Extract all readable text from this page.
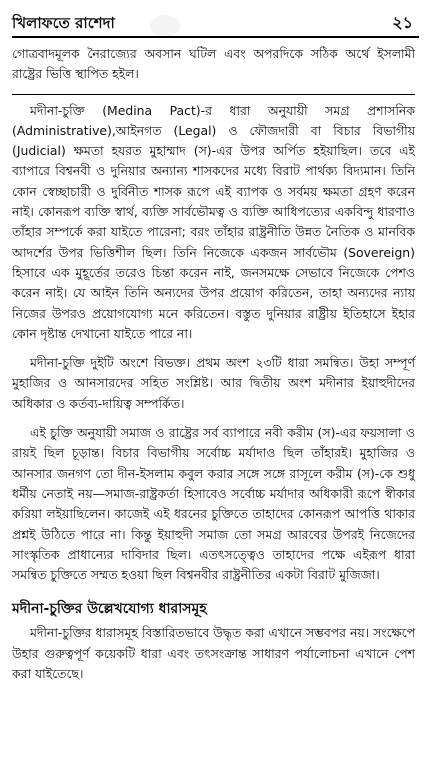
খিলাফতে রাশেদা	২১

গোত্রবাদমূলক নৈরাজ্যের অবসান ঘটিল এবং অপরদিকে সঠিক অর্থে ইসলামী রাষ্ট্রের ভিত্তি স্থাপিত হইল।

মদীনা-চুক্তি (Medina Pact)-র ধারা অনুযায়ী সমগ্র প্রশাসনিক (Administrative),আইনগত (Legal) ও ফৌজদারী বা বিচার বিভাগীয় (Judicial) ক্ষমতা হযরত মুহাম্মাদ (স)-এর উপর অর্পিত হইয়াছিল। তবে এই ব্যাপারে বিশ্বনবী ও দুনিয়ার অন্যান্য শাসকদের মধ্যে বিরাট পার্থক্য বিদ্যমান। তিনি কোন স্বেচ্ছাচারী ও দুর্বিনীত শাসক রূপে এই ব্যাপক ও সর্বময় ক্ষমতা গ্রহণ করেন নাই। কোনরূপ ব্যক্তি স্বার্থ, ব্যক্তি সার্বভৌমত্ব ও ব্যক্তি আধিপত্যের একবিন্দু ধারণাও তাঁহার সম্পর্কে করা যাইতে পারেনা; বরং তাঁহার রাষ্ট্রনীতি উন্নত নৈতিক ও মানবিক আদর্শের উপর ভিত্তিশীল ছিল। তিনি নিজেকে একজন সার্বভৌম (Sovereign) হিসাবে এক মুহূর্তের তরেও চিন্তা করেন নাই, জনসমক্ষে সেভাবে নিজেকে পেশও করেন নাই। যে আইন তিনি অন্যদের উপর প্রয়োগ করিতেন, তাহা অন্যদের ন্যায় নিজের উপরও প্রয়োগযোগ্য মনে করিতেন। বস্তুত দুনিয়ার রাষ্ট্রীয় ইতিহাসে ইহার কোন দৃষ্টান্ত দেখানো যাইতে পারে না।

মদীনা-চুক্তি দুইটি অংশে বিভক্ত। প্রথম অংশ ২৩টি ধারা সমন্বিত। উহা সম্পূর্ণ মুহাজির ও আনসারদের সহিত সংশ্লিষ্ট। আর দ্বিতীয় অংশ মদীনার ইয়াহুদীদের অধিকার ও কর্তব্য-দায়িত্ব সম্পর্কিত।

এই চুক্তি অনুযায়ী সমাজ ও রাষ্ট্রের সর্ব ব্যাপারে নবী করীম (স)-এর ফয়সালা ও রায়ই ছিল চূড়ান্ত। বিচার বিভাগীয় সর্বোচ্চ মর্যাদাও ছিল তাঁহারই। মুহাজির ও আনসার জনগণ তো দীন-ইসলাম কবুল করার সঙ্গে সঙ্গে রাসূলে করীম (স)-কে শুধু ধর্মীয় নেতাই নয়—সমাজ-রাষ্ট্রকর্তা হিসাবেও সর্বোচ্চ মর্যাদার অধিকারী রূপে স্বীকার করিয়া লইয়াছিলেন। কাজেই এই ধরনের চুক্তিতে তাহাদের কোনরূপ আপত্তি থাকার প্রশ্নই উঠিতে পারে না। কিন্তু ইয়াহুদী সমাজ তো সমগ্র আরবের উপরই নিজেদের সাংস্কৃতিক প্রাধান্যের দাবিদার ছিল। এতৎসত্ত্বেও তাহাদের পক্ষে এইরূপ ধারা সমন্বিত চুক্তিতে সম্মত হওয়া ছিল বিশ্বনবীর রাষ্ট্রনীতির একটা বিরাট মুজিজা।

মদীনা-চুক্তির উল্লেখযোগ্য ধারাসমূহ

মদীনা-চুক্তির ধারাসমূহ বিস্তারিতভাবে উদ্ধৃত করা এখানে সম্ভবপর নয়। সংক্ষেপে উহার গুরুত্বপূর্ণ কয়েকটি ধারা এবং তৎসংক্রান্ত সাধারণ পর্যালোচনা এখানে পেশ করা যাইতেছে।
